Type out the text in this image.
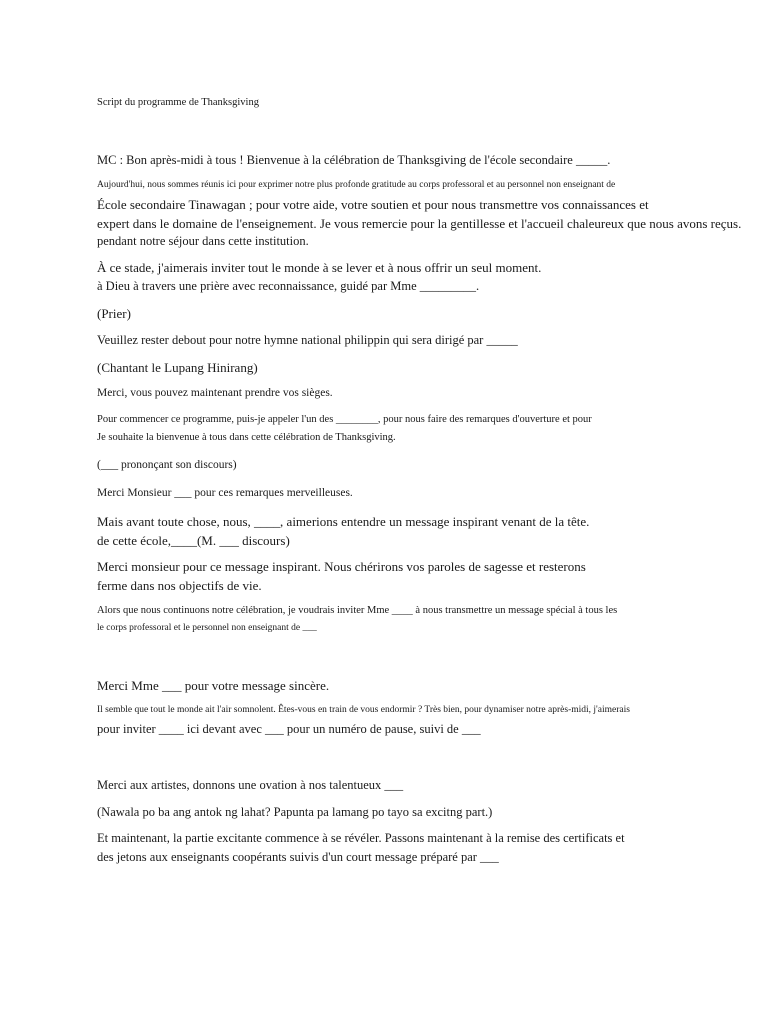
Script du programme de Thanksgiving
MC : Bon après-midi à tous ! Bienvenue à la célébration de Thanksgiving de l'école secondaire _____.
Aujourd'hui, nous sommes réunis ici pour exprimer notre plus profonde gratitude au corps professoral et au personnel non enseignant de
École secondaire Tinawagan ; pour votre aide, votre soutien et pour nous transmettre vos connaissances et
expert dans le domaine de l'enseignement. Je vous remercie pour la gentillesse et l'accueil chaleureux que nous avons reçus.
pendant notre séjour dans cette institution.
À ce stade, j'aimerais inviter tout le monde à se lever et à nous offrir un seul moment.
à Dieu à travers une prière avec reconnaissance, guidé par Mme _________.
(Prier)
Veuillez rester debout pour notre hymne national philippin qui sera dirigé par _____
(Chantant le Lupang Hinirang)
Merci, vous pouvez maintenant prendre vos sièges.
Pour commencer ce programme, puis-je appeler l'un des ________, pour nous faire des remarques d'ouverture et pour
Je souhaite la bienvenue à tous dans cette célébration de Thanksgiving.
(___ prononçant son discours)
Merci Monsieur ___ pour ces remarques merveilleuses.
Mais avant toute chose, nous, ____, aimerions entendre un message inspirant venant de la tête.
de cette école,____(M. ___ discours)
Merci monsieur pour ce message inspirant. Nous chérirons vos paroles de sagesse et resterons
ferme dans nos objectifs de vie.
Alors que nous continuons notre célébration, je voudrais inviter Mme ____ à nous transmettre un message spécial à tous les
le corps professoral et le personnel non enseignant de ___
Merci Mme ___ pour votre message sincère.
Il semble que tout le monde ait l'air somnolent. Êtes-vous en train de vous endormir ? Très bien, pour dynamiser notre après-midi, j'aimerais
pour inviter ____ ici devant avec ___ pour un numéro de pause, suivi de ___
Merci aux artistes, donnons une ovation à nos talentueux ___
(Nawala po ba ang antok ng lahat? Papunta pa lamang po tayo sa excitng part.)
Et maintenant, la partie excitante commence à se révéler. Passons maintenant à la remise des certificats et
des jetons aux enseignants coopérants suivis d'un court message préparé par ___
